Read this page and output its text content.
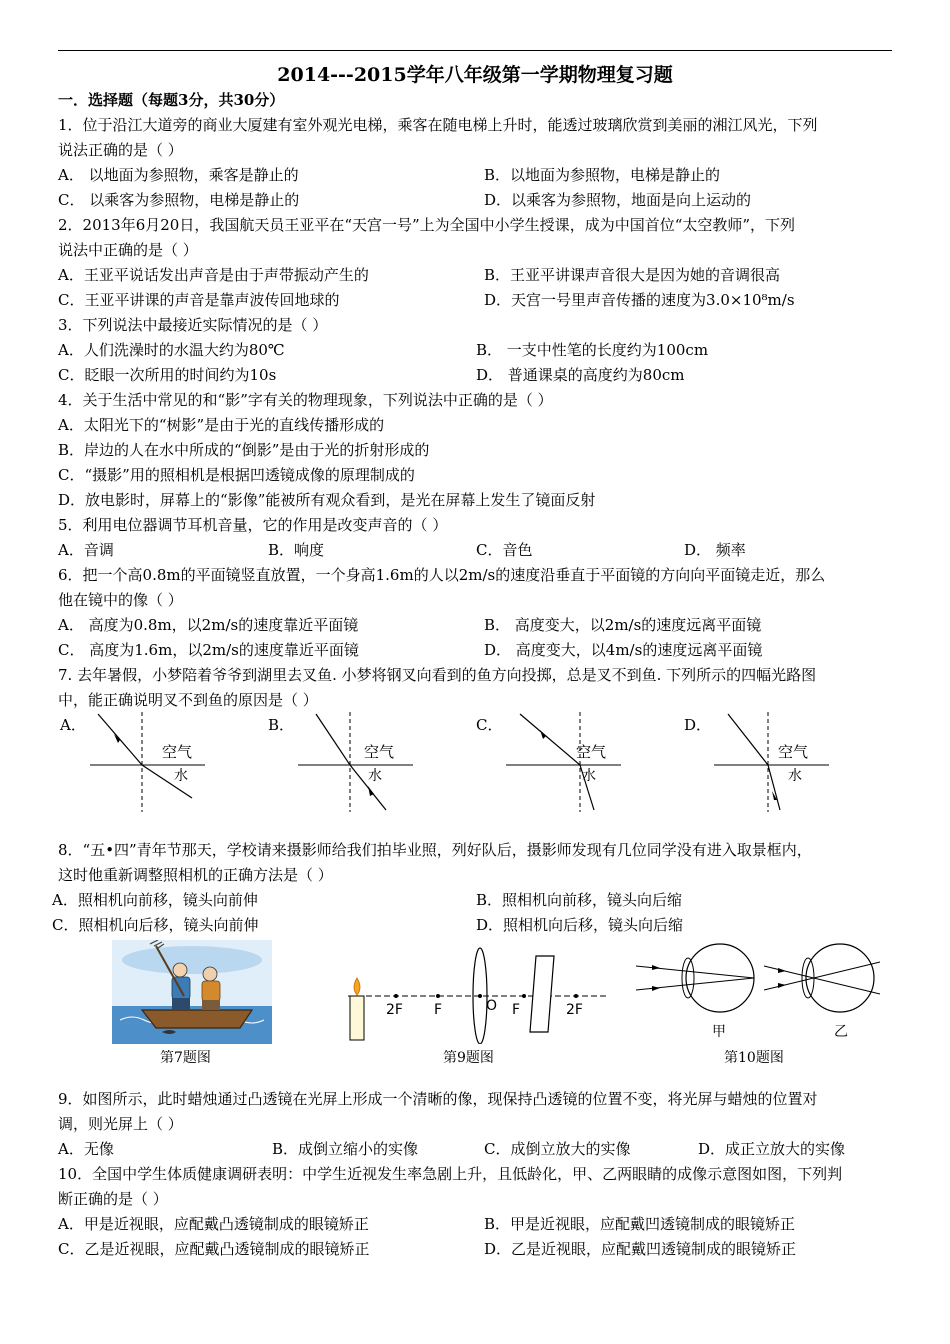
2014---2015学年八年级第一学期物理复习题
一．选择题（每题3分，共30分）
1．位于沿江大道旁的商业大厦建有室外观光电梯，乘客在随电梯上升时，能透过玻璃欣赏到美丽的湘江风光，下列
说法正确的是（ ）
A． 以地面为参照物，乘客是静止的	B．以地面为参照物，电梯是静止的
C． 以乘客为参照物，电梯是静止的	D．以乘客为参照物，地面是向上运动的
2．2013年6月20日，我国航天员王亚平在“天宫一号”上为全国中小学生授课，成为中国首位“太空教师”，下列
说法中正确的是（ ）
A．王亚平说话发出声音是由于声带振动产生的	B．王亚平讲课声音很大是因为她的音调很高
C．王亚平讲课的声音是靠声波传回地球的	D．天宫一号里声音传播的速度为3.0×10⁸m/s
3．下列说法中最接近实际情况的是（ ）
A．人们洗澡时的水温大约为80℃	B． 一支中性笔的长度约为100cm
C．眨眼一次所用的时间约为10s	D． 普通课桌的高度约为80cm
4．关于生活中常见的和“影”字有关的物理现象，下列说法中正确的是（ ）
A．太阳光下的“树影”是由于光的直线传播形成的
B．岸边的人在水中所成的“倒影”是由于光的折射形成的
C．“摄影”用的照相机是根据凹透镜成像的原理制成的
D．放电影时，屏幕上的“影像”能被所有观众看到，是光在屏幕上发生了镜面反射
5．利用电位器调节耳机音量，它的作用是改变声音的（ ）
A．音调	B．响度	C．音色	D． 频率
6．把一个高0.8m的平面镜竖直放置，一个身高1.6m的人以2m/s的速度沿垂直于平面镜的方向向平面镜走近，那么
他在镜中的像（ ）
A． 高度为0.8m，以2m/s的速度靠近平面镜	B． 高度变大，以2m/s的速度远离平面镜
C． 高度为1.6m，以2m/s的速度靠近平面镜	D． 高度变大，以4m/s的速度远离平面镜
7. 去年暑假，小梦陪着爷爷到湖里去叉鱼. 小梦将钢叉向看到的鱼方向投掷，总是叉不到鱼. 下列所示的四幅光路图
中，能正确说明叉不到鱼的原因是（ ）
A．	B．	C．	D．
空气
水
空气
水
空气
水
空气
水
8．“五•四”青年节那天，学校请来摄影师给我们拍毕业照，列好队后，摄影师发现有几位同学没有进入取景框内，
这时他重新调整照相机的正确方法是（ ）
A．照相机向前移，镜头向前伸	B．照相机向前移，镜头向后缩
C．照相机向后移，镜头向前伸	D．照相机向后移，镜头向后缩
第7题图
2F F	O F	2F
第9题图
甲	乙
第10题图
9．如图所示，此时蜡烛通过凸透镜在光屏上形成一个清晰的像，现保持凸透镜的位置不变，将光屏与蜡烛的位置对
调，则光屏上（ ）
A．无像	B．成倒立缩小的实像	C．成倒立放大的实像	D．成正立放大的实像
10．全国中学生体质健康调研表明：中学生近视发生率急剧上升，且低龄化，甲、乙两眼睛的成像示意图如图，下列判
断正确的是（ ）
A．甲是近视眼，应配戴凸透镜制成的眼镜矫正	B．甲是近视眼，应配戴凹透镜制成的眼镜矫正
C．乙是近视眼，应配戴凸透镜制成的眼镜矫正	D．乙是近视眼，应配戴凹透镜制成的眼镜矫正
